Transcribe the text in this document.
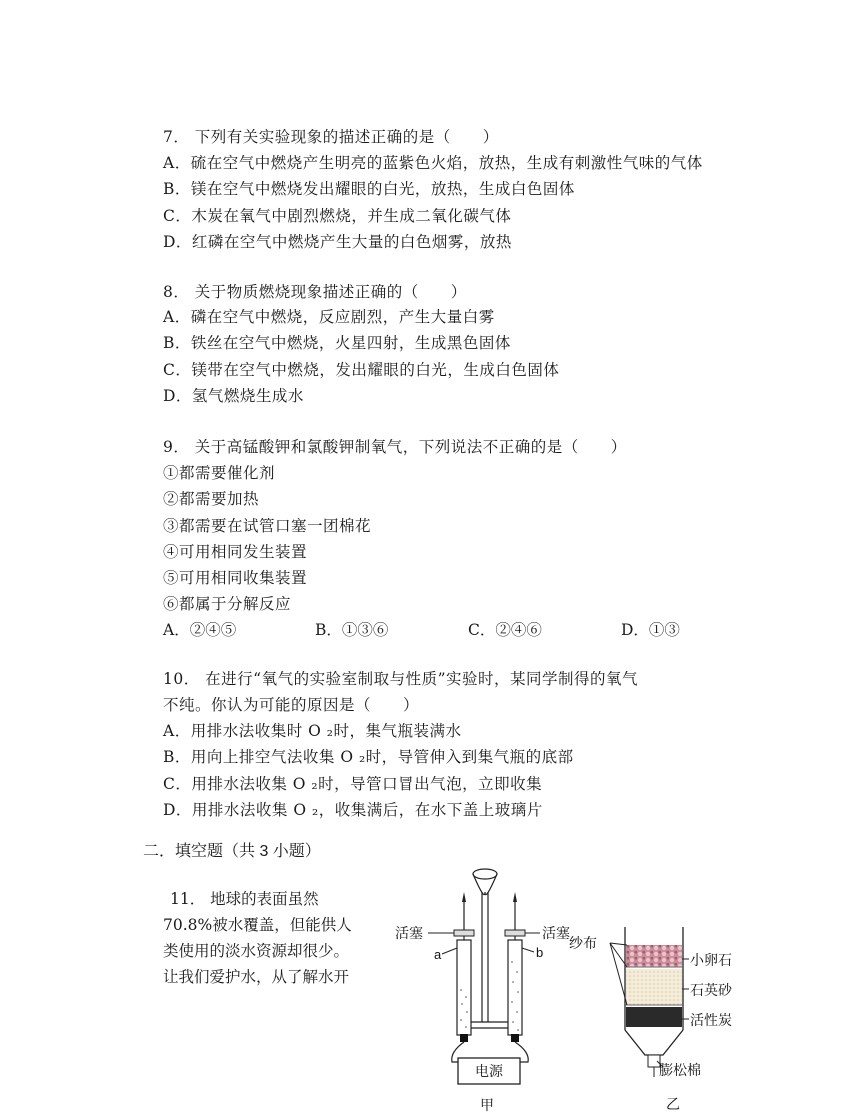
7． 下列有关实验现象的描述正确的是（　　）
A．硫在空气中燃烧产生明亮的蓝紫色火焰，放热，生成有刺激性气味的气体
B．镁在空气中燃烧发出耀眼的白光，放热，生成白色固体
C．木炭在氧气中剧烈燃烧，并生成二氧化碳气体
D．红磷在空气中燃烧产生大量的白色烟雾，放热
8． 关于物质燃烧现象描述正确的（　　）
A．磷在空气中燃烧，反应剧烈，产生大量白雾
B．铁丝在空气中燃烧，火星四射，生成黑色固体
C．镁带在空气中燃烧，发出耀眼的白光，生成白色固体
D．氢气燃烧生成水
9． 关于高锰酸钾和氯酸钾制氧气，下列说法不正确的是（　　）
①都需要催化剂
②都需要加热
③都需要在试管口塞一团棉花
④可用相同发生装置
⑤可用相同收集装置
⑥都属于分解反应
A．②④⑤	B．①③⑥	C．②④⑥	D．①③
10． 在进行“氧气的实验室制取与性质”实验时，某同学制得的氧气
不纯。你认为可能的原因是（　　）
A．用排水法收集时 O ₂时，集气瓶装满水
B．用向上排空气法收集 O ₂时，导管伸入到集气瓶的底部
C．用排水法收集 O ₂时，导管口冒出气泡，立即收集
D．用排水法收集 O ₂，收集满后，在水下盖上玻璃片
二．填空题（共 3 小题）
11． 地球的表面虽然
70.8%被水覆盖，但能供人
类使用的淡水资源却很少。
让我们爱护水，从了解水开
电源
活塞	活塞
a	b
甲
纱布
小卵石
石英砂
活性炭
膨松棉
乙
